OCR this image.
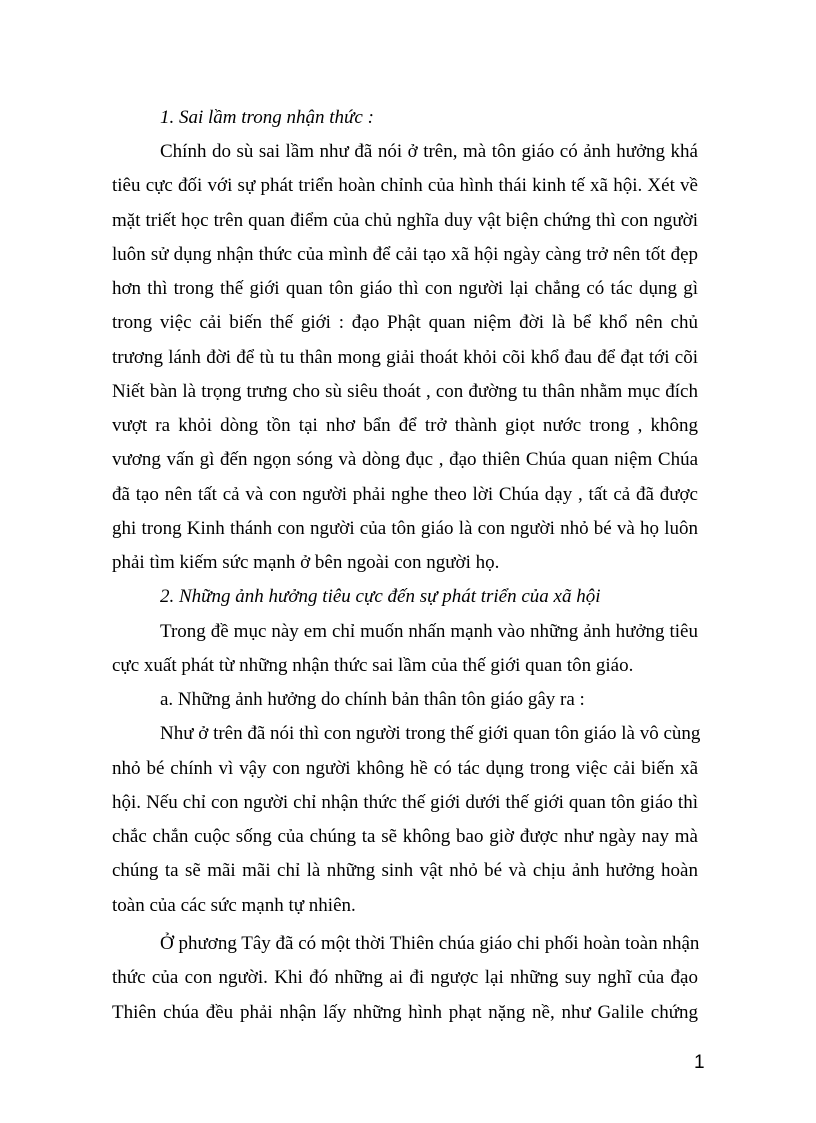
1. Sai lầm trong nhận thức :
Chính do sù sai lầm như đã nói ở trên, mà tôn giáo có ảnh hưởng khá
tiêu cực đối với sự phát triển hoàn chỉnh của hình thái kinh tế xã hội. Xét về
mặt triết học trên quan điểm của chủ nghĩa duy vật biện chứng thì con người
luôn sử dụng nhận thức của mình để cải tạo xã hội ngày càng trở nên tốt đẹp
hơn thì trong thế giới quan tôn giáo thì con người lại chẳng có tác dụng gì
trong việc cải biến thế giới : đạo Phật quan niệm đời là bể khổ nên chủ
trương lánh đời để tù tu thân mong giải thoát khỏi cõi khổ đau để đạt tới cõi
Niết bàn là trọng trưng cho sù siêu thoát , con đường tu thân nhằm mục đích
vượt ra khỏi dòng tồn tại nhơ bẩn để trở thành giọt nước trong , không
vương vấn gì đến ngọn sóng và dòng đục , đạo thiên Chúa quan niệm Chúa
đã tạo nên tất cả và con người phải nghe theo lời Chúa dạy , tất cả đã được
ghi trong Kinh thánh con người của tôn giáo là con người nhỏ bé và họ luôn
phải tìm kiếm sức mạnh ở bên ngoài con người họ.
2. Những ảnh hưởng tiêu cực đến sự phát triển của xã hội
Trong đề mục này em chỉ muốn nhấn mạnh vào những ảnh hưởng tiêu
cực xuất phát từ những nhận thức sai lầm của thế giới quan tôn giáo.
a. Những ảnh hưởng do chính bản thân tôn giáo gây ra :
Như ở trên đã nói thì con người trong thế giới quan tôn giáo là vô cùng
nhỏ bé chính vì vậy con người không hề có tác dụng trong việc cải biến xã
hội. Nếu chỉ con người chỉ nhận thức thế giới dưới thế giới quan tôn giáo thì
chắc chắn cuộc sống của chúng ta sẽ không bao giờ được như ngày nay mà
chúng ta sẽ mãi mãi chỉ là những sinh vật nhỏ bé và chịu ảnh hưởng hoàn
toàn của các sức mạnh tự nhiên.
Ở phương Tây đã có một thời Thiên chúa giáo chi phối hoàn toàn nhận
thức của con người. Khi đó những ai đi ngược lại những suy nghĩ của đạo
Thiên chúa đều phải nhận lấy những hình phạt nặng nề, như Galile chứng
1
